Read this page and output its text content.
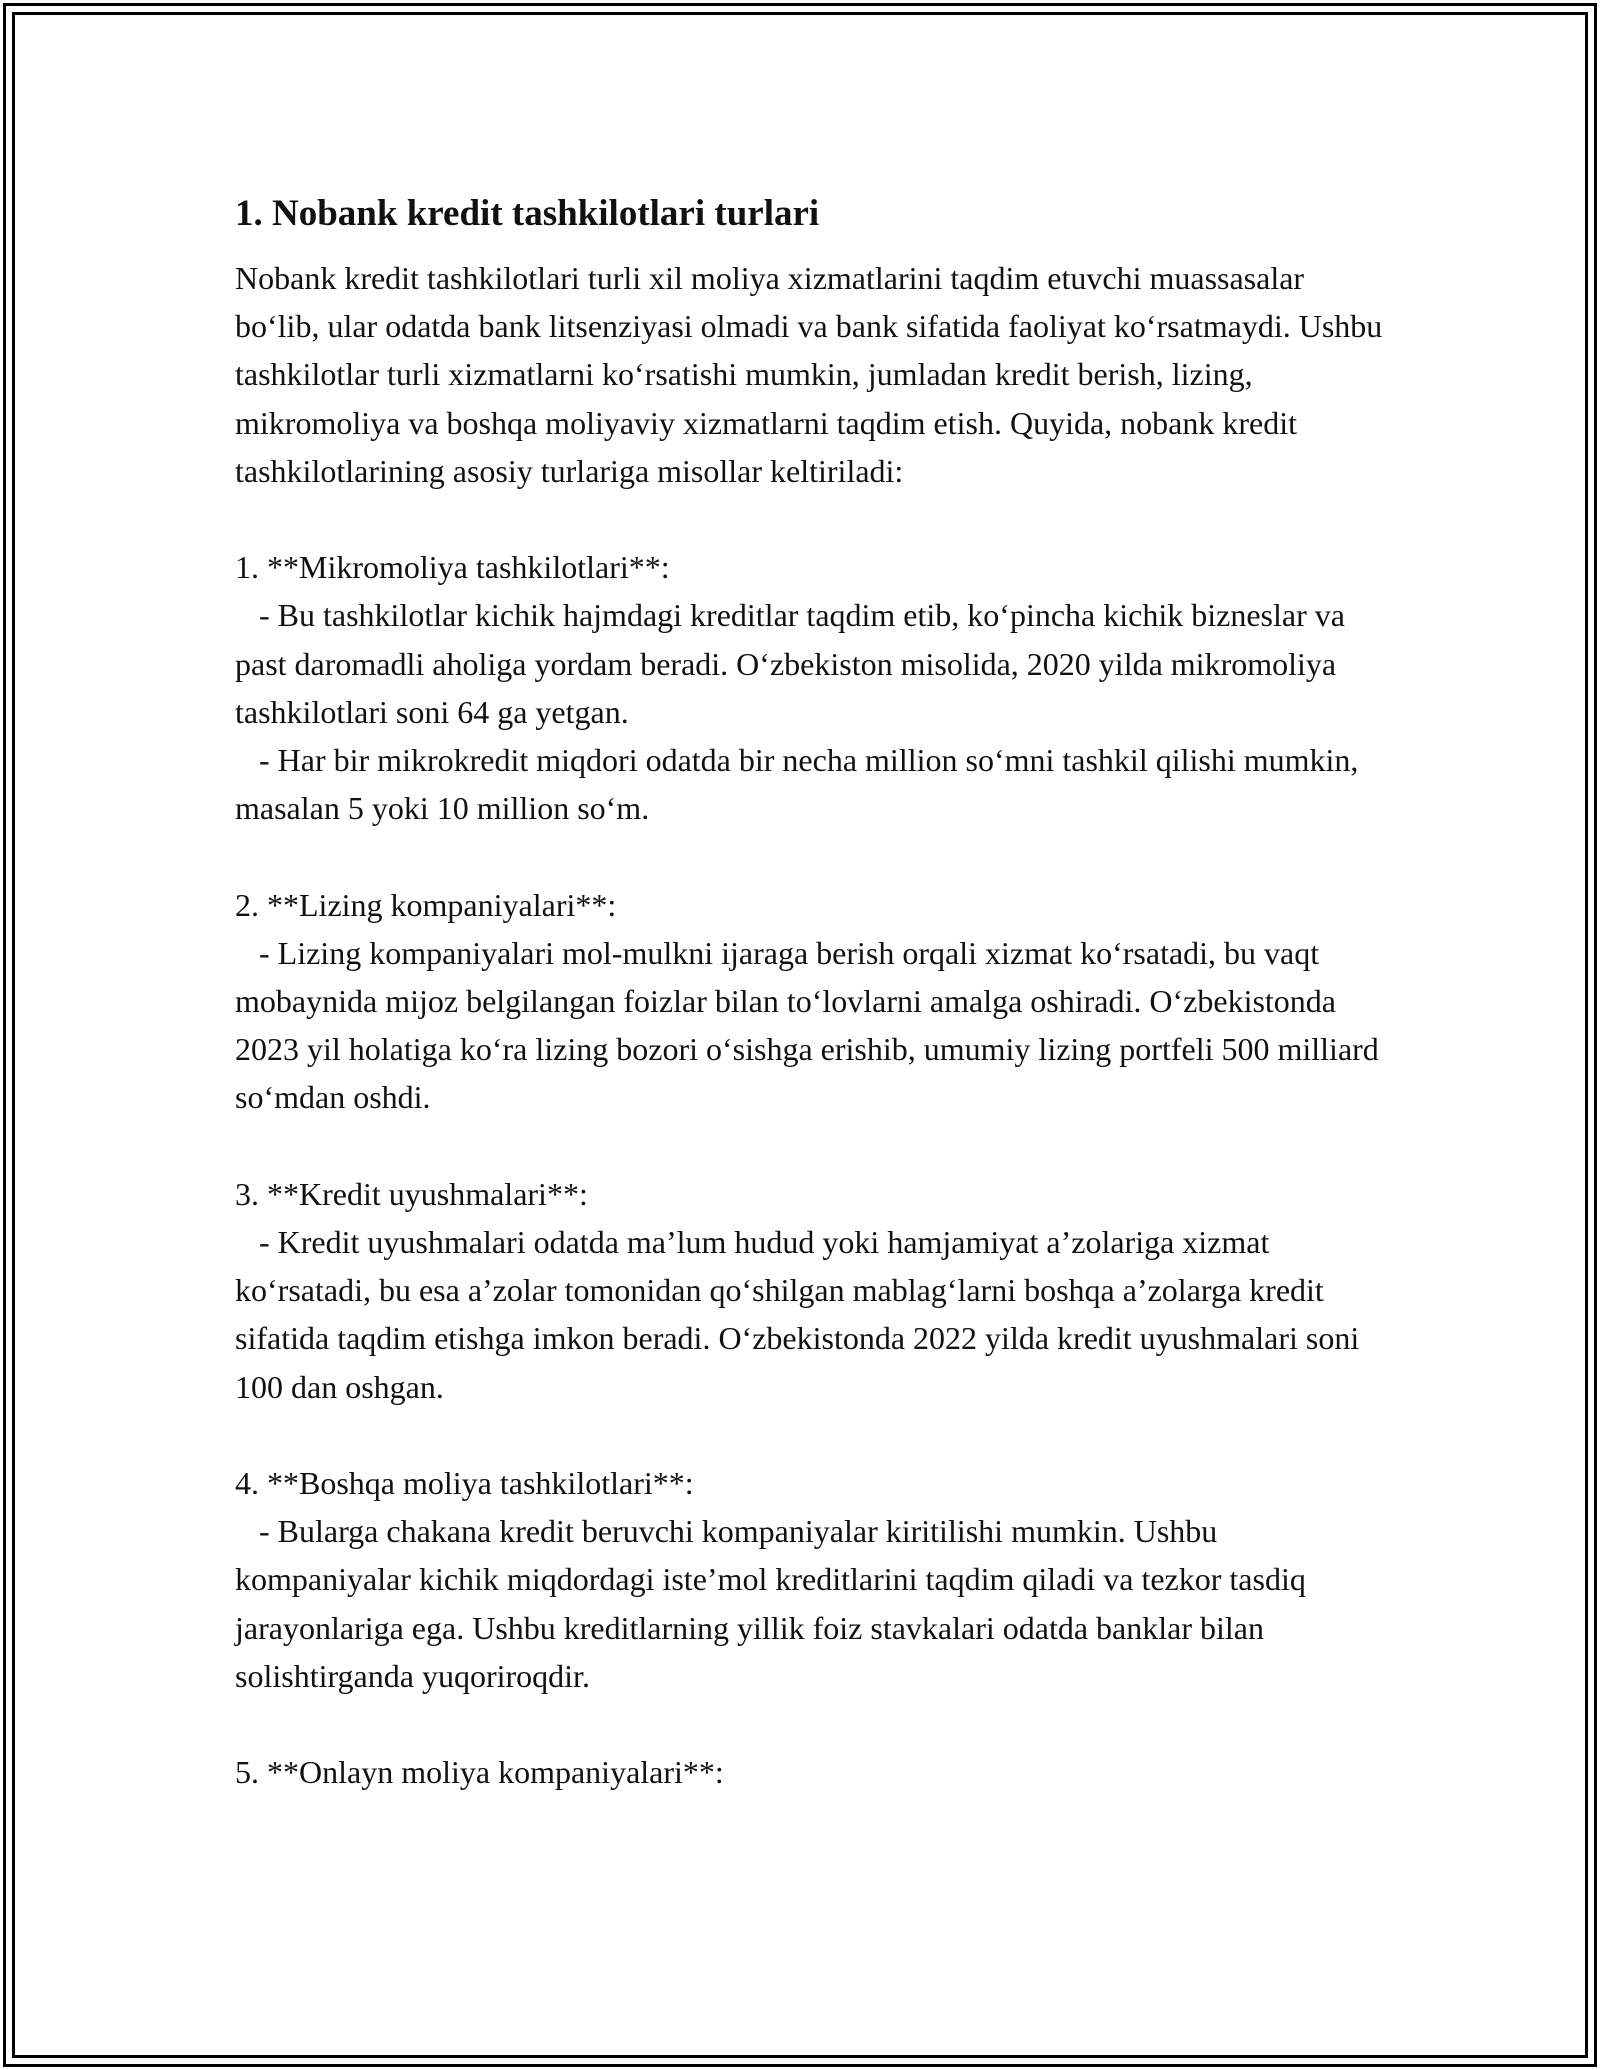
1. Nobank kredit tashkilotlari turlari

Nobank kredit tashkilotlari turli xil moliya xizmatlarini taqdim etuvchi muassasalar bo‘lib, ular odatda bank litsenziyasi olmadi va bank sifatida faoliyat ko‘rsatmaydi. Ushbu tashkilotlar turli xizmatlarni ko‘rsatishi mumkin, jumladan kredit berish, lizing, mikromoliya va boshqa moliyaviy xizmatlarni taqdim etish. Quyida, nobank kredit tashkilotlarining asosiy turlariga misollar keltiriladi:

1. **Mikromoliya tashkilotlari**:

- Bu tashkilotlar kichik hajmdagi kreditlar taqdim etib, ko‘pincha kichik bizneslar va past daromadli aholiga yordam beradi. O‘zbekiston misolida, 2020 yilda mikromoliya tashkilotlari soni 64 ga yetgan.

- Har bir mikrokredit miqdori odatda bir necha million so‘mni tashkil qilishi mumkin, masalan 5 yoki 10 million so‘m.

2. **Lizing kompaniyalari**:

- Lizing kompaniyalari mol-mulkni ijaraga berish orqali xizmat ko‘rsatadi, bu vaqt mobaynida mijoz belgilangan foizlar bilan to‘lovlarni amalga oshiradi. O‘zbekistonda 2023 yil holatiga ko‘ra lizing bozori o‘sishga erishib, umumiy lizing portfeli 500 milliard so‘mdan oshdi.

3. **Kredit uyushmalari**:

- Kredit uyushmalari odatda ma’lum hudud yoki hamjamiyat a’zolariga xizmat ko‘rsatadi, bu esa a’zolar tomonidan qo‘shilgan mablag‘larni boshqa a’zolarga kredit sifatida taqdim etishga imkon beradi. O‘zbekistonda 2022 yilda kredit uyushmalari soni 100 dan oshgan.

4. **Boshqa moliya tashkilotlari**:

- Bularga chakana kredit beruvchi kompaniyalar kiritilishi mumkin. Ushbu kompaniyalar kichik miqdordagi iste’mol kreditlarini taqdim qiladi va tezkor tasdiq jarayonlariga ega. Ushbu kreditlarning yillik foiz stavkalari odatda banklar bilan solishtirganda yuqoriroqdir.

5. **Onlayn moliya kompaniyalari**:
